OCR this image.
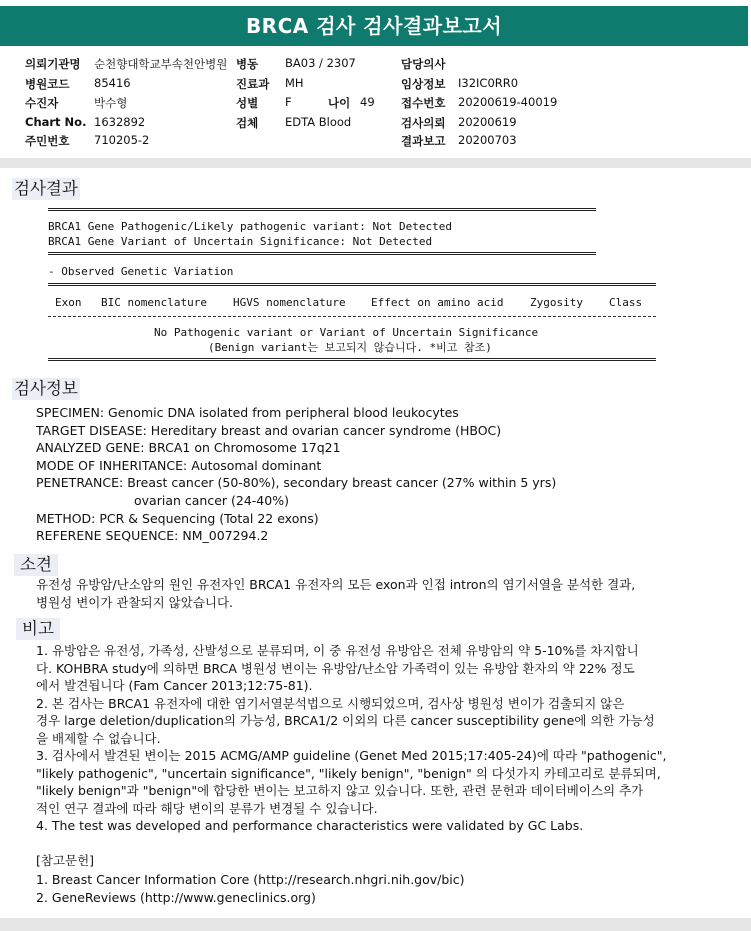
BRCA 검사 검사결과보고서
의뢰기관명 순천향대학교부속천안병원 병동 BA03 / 2307	담당의사
병원코드 85416	진료과 MH	임상정보 I32IC0RR0
수진자	박수형	성별 F	나이 49 접수번호 20200619-40019
Chart No. 1632892	검체 EDTA Blood	검사의뢰 20200619
주민번호 710205-2	결과보고 20200703
검사결과
BRCA1 Gene Pathogenic/Likely pathogenic variant: Not Detected
BRCA1 Gene Variant of Uncertain Significance: Not Detected
- Observed Genetic Variation
Exon BIC nomenclature HGVS nomenclature Effect on amino acid Zygosity Class
No Pathogenic variant or Variant of Uncertain Significance
(Benign variant는 보고되지 않습니다. *비고 참조)
검사정보
SPECIMEN: Genomic DNA isolated from peripheral blood leukocytes
TARGET DISEASE: Hereditary breast and ovarian cancer syndrome (HBOC)
ANALYZED GENE: BRCA1 on Chromosome 17q21
MODE OF INHERITANCE: Autosomal dominant
PENETRANCE: Breast cancer (50-80%), secondary breast cancer (27% within 5 yrs)
ovarian cancer (24-40%)
METHOD: PCR & Sequencing (Total 22 exons)
REFERENE SEQUENCE: NM_007294.2
소견
유전성 유방암/난소암의 원인 유전자인 BRCA1 유전자의 모든 exon과 인접 intron의 염기서열을 분석한 결과,
병원성 변이가 관찰되지 않았습니다.
비고
1. 유방암은 유전성, 가족성, 산발성으로 분류되며, 이 중 유전성 유방암은 전체 유방암의 약 5-10%를 차지합니
다. KOHBRA study에 의하면 BRCA 병원성 변이는 유방암/난소암 가족력이 있는 유방암 환자의 약 22% 정도
에서 발견됩니다 (Fam Cancer 2013;12:75-81).
2. 본 검사는 BRCA1 유전자에 대한 염기서열분석법으로 시행되었으며, 검사상 병원성 변이가 검출되지 않은
경우 large deletion/duplication의 가능성, BRCA1/2 이외의 다른 cancer susceptibility gene에 의한 가능성
을 배제할 수 없습니다.
3. 검사에서 발견된 변이는 2015 ACMG/AMP guideline (Genet Med 2015;17:405-24)에 따라 "pathogenic",
"likely pathogenic", "uncertain significance", "likely benign", "benign" 의 다섯가지 카테고리로 분류되며,
"likely benign"과 "benign"에 합당한 변이는 보고하지 않고 있습니다. 또한, 관련 문헌과 데이터베이스의 추가
적인 연구 결과에 따라 해당 변이의 분류가 변경될 수 있습니다.
4. The test was developed and performance characteristics were validated by GC Labs.
[참고문헌]
1. Breast Cancer Information Core (http://research.nhgri.nih.gov/bic)
2. GeneReviews (http://www.geneclinics.org)
